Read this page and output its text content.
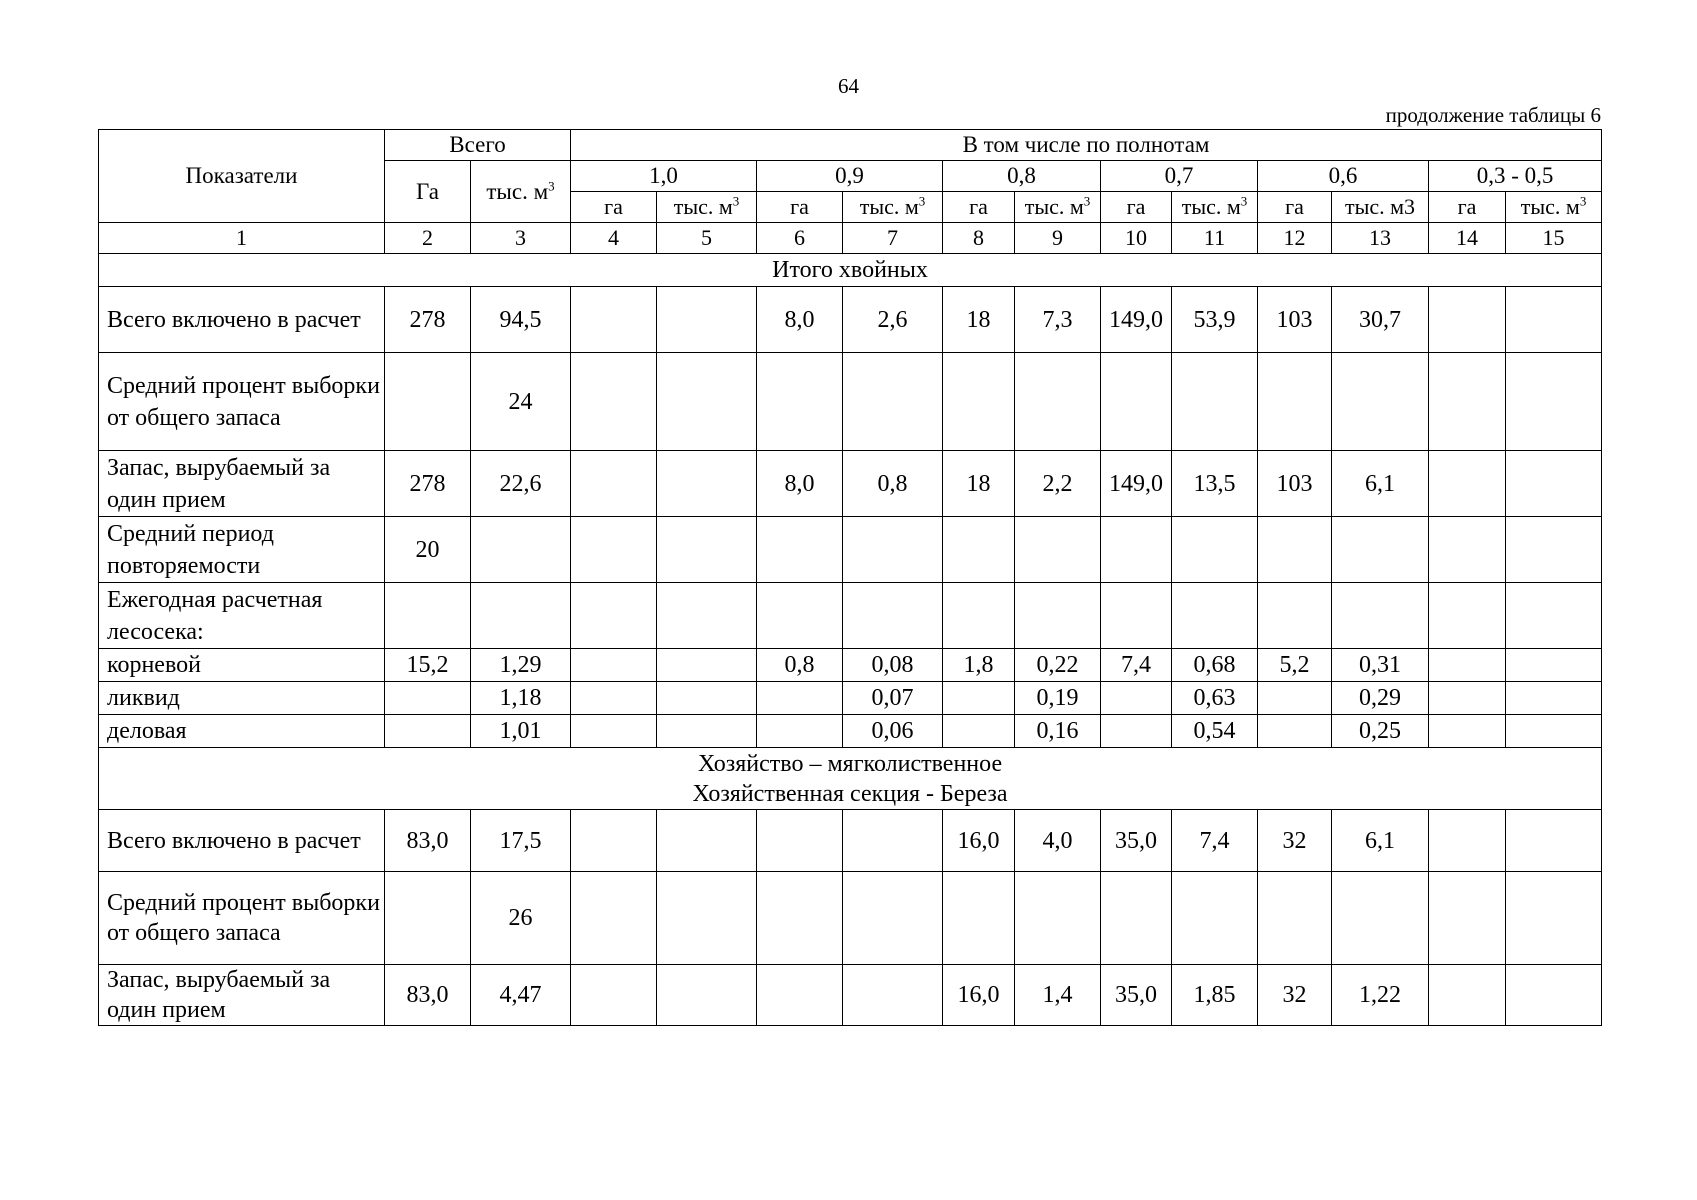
64
продолжение таблицы 6
Показатели	Всего		В том числе по полнотам											
	Га	тыс. $м^3$	1,0		0,9		0,8		0,7		0,6		0,3 - 0,5	
			га	тыс. $м^3$	га	тыс. $м^3$	га	тыс. $м^3$	га	тыс. $м^3$	га	тыс. м3	га	тыс. $м^3$
1	2	3	4	5	6	7	8	9	10	11	12	13	14	15
Итого хвойных														
Всего включено в расчет	278	94,5			8,0	2,6	18	7,3	149,0	53,9	103	30,7		
Средний процент выборки от общего запаса		24												
Запас, вырубаемый за один прием	278	22,6			8,0	0,8	18	2,2	149,0	13,5	103	6,1		
Средний период повторяемости	20													
Ежегодная расчетная лесосека:														
корневой	15,2	1,29			0,8	0,08	1,8	0,22	7,4	0,68	5,2	0,31		
ликвид		1,18				0,07		0,19		0,63		0,29		
деловая		1,01				0,06		0,16		0,54		0,25		

Хозяйство – мягколиственное
Хозяйственная секция - Береза														

Всего включено в расчет	83,0	17,5					16,0	4,0	35,0	7,4	32	6,1		
Средний процент выборки от общего запаса		26												
Запас, вырубаемый за один прием	83,0	4,47					16,0	1,4	35,0	1,85	32	1,22		
